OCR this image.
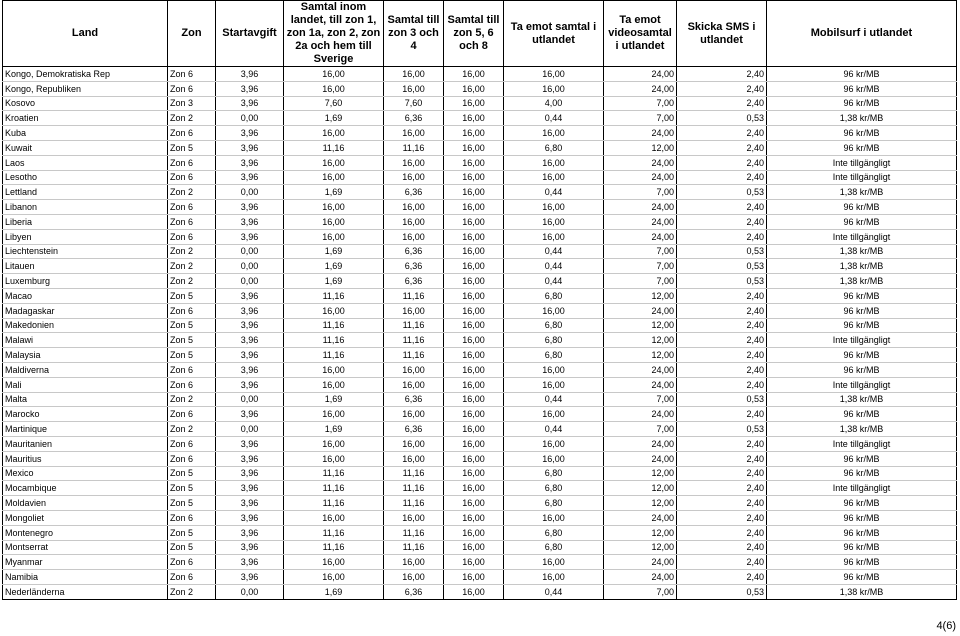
Land	Zon	Startavgift	Samtal inom landet, till zon 1, zon 1a, zon 2, zon 2a och hem till Sverige	Samtal till zon 3 och 4	Samtal till zon 5, 6 och 8	Ta emot samtal i utlandet	Ta emot videosamtal i utlandet	Skicka SMS i utlandet	Mobilsurf i utlandet
Kongo, Demokratiska Rep	Zon 6	3,96	16,00	16,00	16,00	16,00	24,00	2,40	96 kr/MB
Kongo, Republiken	Zon 6	3,96	16,00	16,00	16,00	16,00	24,00	2,40	96 kr/MB
Kosovo	Zon 3	3,96	7,60	7,60	16,00	4,00	7,00	2,40	96 kr/MB
Kroatien	Zon 2	0,00	1,69	6,36	16,00	0,44	7,00	0,53	1,38 kr/MB
Kuba	Zon 6	3,96	16,00	16,00	16,00	16,00	24,00	2,40	96 kr/MB
Kuwait	Zon 5	3,96	11,16	11,16	16,00	6,80	12,00	2,40	96 kr/MB
Laos	Zon 6	3,96	16,00	16,00	16,00	16,00	24,00	2,40	Inte tillgängligt
Lesotho	Zon 6	3,96	16,00	16,00	16,00	16,00	24,00	2,40	Inte tillgängligt
Lettland	Zon 2	0,00	1,69	6,36	16,00	0,44	7,00	0,53	1,38 kr/MB
Libanon	Zon 6	3,96	16,00	16,00	16,00	16,00	24,00	2,40	96 kr/MB
Liberia	Zon 6	3,96	16,00	16,00	16,00	16,00	24,00	2,40	96 kr/MB
Libyen	Zon 6	3,96	16,00	16,00	16,00	16,00	24,00	2,40	Inte tillgängligt
Liechtenstein	Zon 2	0,00	1,69	6,36	16,00	0,44	7,00	0,53	1,38 kr/MB
Litauen	Zon 2	0,00	1,69	6,36	16,00	0,44	7,00	0,53	1,38 kr/MB
Luxemburg	Zon 2	0,00	1,69	6,36	16,00	0,44	7,00	0,53	1,38 kr/MB
Macao	Zon 5	3,96	11,16	11,16	16,00	6,80	12,00	2,40	96 kr/MB
Madagaskar	Zon 6	3,96	16,00	16,00	16,00	16,00	24,00	2,40	96 kr/MB
Makedonien	Zon 5	3,96	11,16	11,16	16,00	6,80	12,00	2,40	96 kr/MB
Malawi	Zon 5	3,96	11,16	11,16	16,00	6,80	12,00	2,40	Inte tillgängligt
Malaysia	Zon 5	3,96	11,16	11,16	16,00	6,80	12,00	2,40	96 kr/MB
Maldiverna	Zon 6	3,96	16,00	16,00	16,00	16,00	24,00	2,40	96 kr/MB
Mali	Zon 6	3,96	16,00	16,00	16,00	16,00	24,00	2,40	Inte tillgängligt
Malta	Zon 2	0,00	1,69	6,36	16,00	0,44	7,00	0,53	1,38 kr/MB
Marocko	Zon 6	3,96	16,00	16,00	16,00	16,00	24,00	2,40	96 kr/MB
Martinique	Zon 2	0,00	1,69	6,36	16,00	0,44	7,00	0,53	1,38 kr/MB
Mauritanien	Zon 6	3,96	16,00	16,00	16,00	16,00	24,00	2,40	Inte tillgängligt
Mauritius	Zon 6	3,96	16,00	16,00	16,00	16,00	24,00	2,40	96 kr/MB
Mexico	Zon 5	3,96	11,16	11,16	16,00	6,80	12,00	2,40	96 kr/MB
Mocambique	Zon 5	3,96	11,16	11,16	16,00	6,80	12,00	2,40	Inte tillgängligt
Moldavien	Zon 5	3,96	11,16	11,16	16,00	6,80	12,00	2,40	96 kr/MB
Mongoliet	Zon 6	3,96	16,00	16,00	16,00	16,00	24,00	2,40	96 kr/MB
Montenegro	Zon 5	3,96	11,16	11,16	16,00	6,80	12,00	2,40	96 kr/MB
Montserrat	Zon 5	3,96	11,16	11,16	16,00	6,80	12,00	2,40	96 kr/MB
Myanmar	Zon 6	3,96	16,00	16,00	16,00	16,00	24,00	2,40	96 kr/MB
Namibia	Zon 6	3,96	16,00	16,00	16,00	16,00	24,00	2,40	96 kr/MB
Nederländerna	Zon 2	0,00	1,69	6,36	16,00	0,44	7,00	0,53	1,38 kr/MB
4(6)
